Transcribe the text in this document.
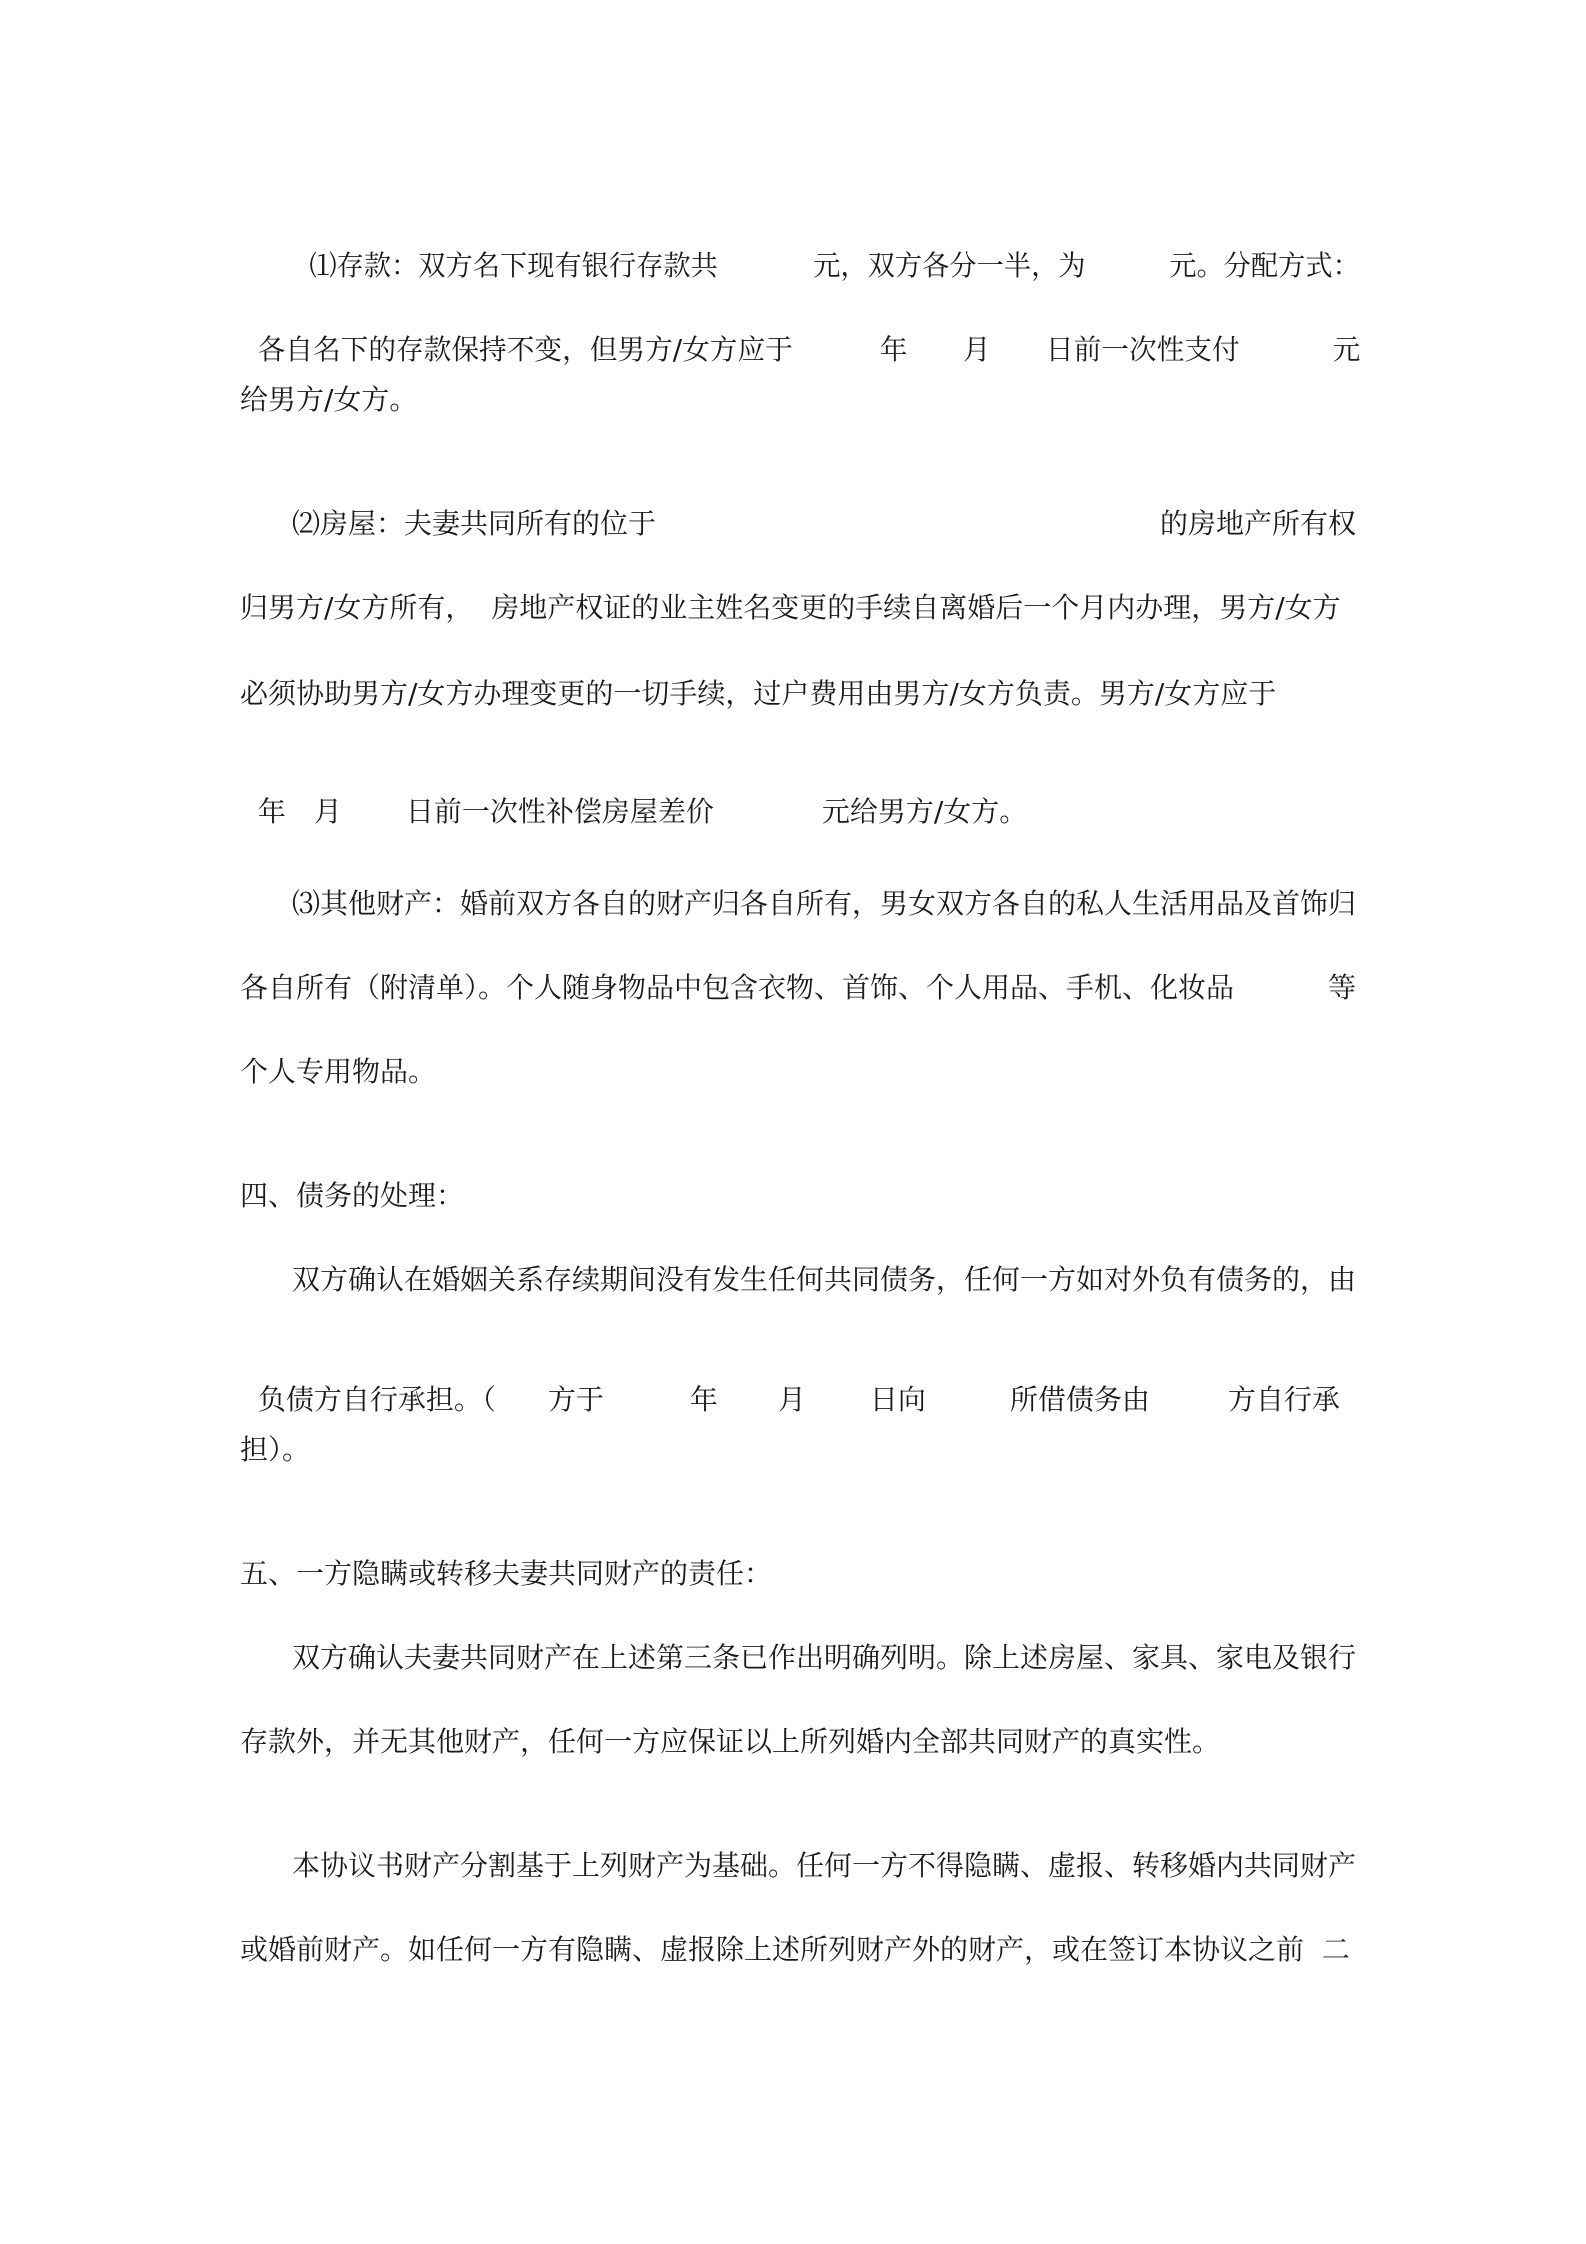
⑴存款：双方名下现有银行存款共	元，双方各分一半，为	元。分配方式：

各自名下的存款保持不变，但男方/女方应于	年 月 日前一次性支付	元

给男方/女方。
⑵房屋：夫妻共同所有的位于	的房地产所有权
归男方/女方所有，  房地产权证的业主姓名变更的手续自离婚后一个月内办理，男方/女方
必须协助男方/女方办理变更的一切手续，过户费用由男方/女方负责。男方/女方应于

年 月 日前一次性补偿房屋差价	元给男方/女方。

⑶其他财产：婚前双方各自的财产归各自所有，男女双方各自的私人生活用品及首饰归
各自所有（附清单）。个人随身物品中包含衣物、首饰、个人用品、手机、化妆品	等
个人专用物品。
四、债务的处理：
双方确认在婚姻关系存续期间没有发生任何共同债务，任何一方如对外负有债务的，由

负债方自行承担。（ 方于	年 月 日向	所借债务由	方自行承

担）。
五、一方隐瞒或转移夫妻共同财产的责任：
双方确认夫妻共同财产在上述第三条已作出明确列明。除上述房屋、家具、家电及银行
存款外，并无其他财产，任何一方应保证以上所列婚内全部共同财产的真实性。
本协议书财产分割基于上列财产为基础。任何一方不得隐瞒、虚报、转移婚内共同财产
或婚前财产。如任何一方有隐瞒、虚报除上述所列财产外的财产，或在签订本协议之前  二
